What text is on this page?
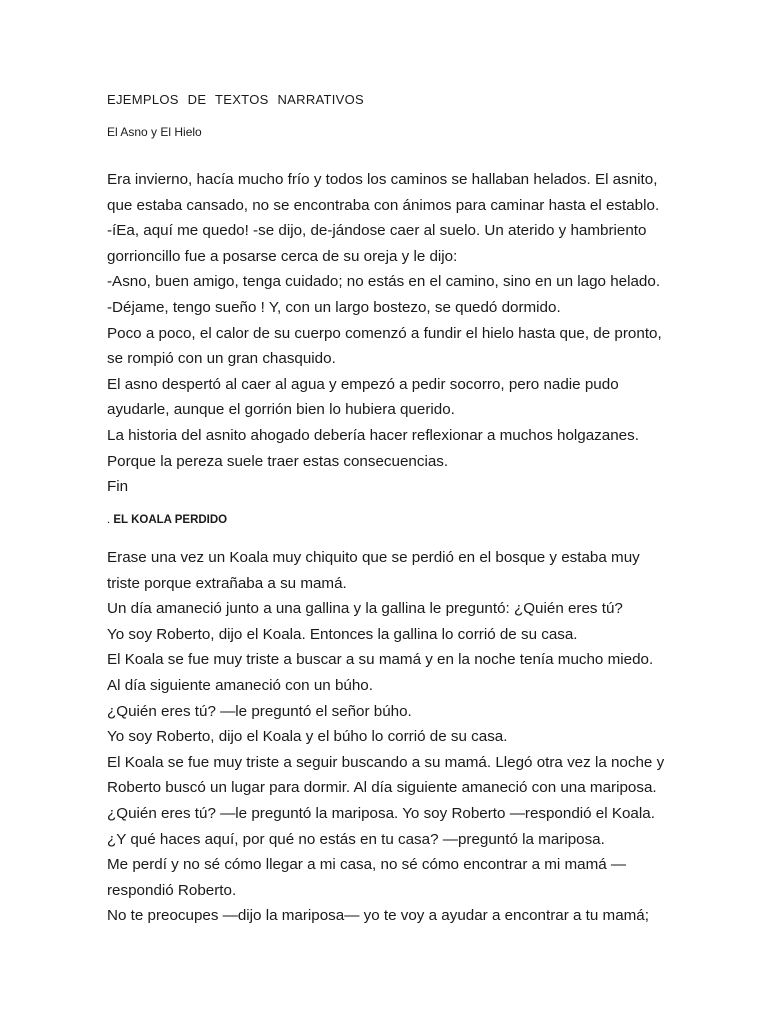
EJEMPLOS DE TEXTOS NARRATIVOS
El Asno y El Hielo
Era invierno, hacía mucho frío y todos los caminos se hallaban helados. El asnito,
que estaba cansado, no se encontraba con ánimos para caminar hasta el establo.
-íEa, aquí me quedo! -se dijo, de-jándose caer al suelo. Un aterido y hambriento
gorrioncillo fue a posarse cerca de su oreja y le dijo:
-Asno, buen amigo, tenga cuidado; no estás en el camino, sino en un lago helado.
-Déjame, tengo sueño ! Y, con un largo bostezo, se quedó dormido.
Poco a poco, el calor de su cuerpo comenzó a fundir el hielo hasta que, de pronto,
se rompió con un gran chasquido.
El asno despertó al caer al agua y empezó a pedir socorro, pero nadie pudo
ayudarle, aunque el gorrión bien lo hubiera querido.
La historia del asnito ahogado debería hacer reflexionar a muchos holgazanes.
Porque la pereza suele traer estas consecuencias.
Fin
. EL KOALA PERDIDO
Erase una vez un Koala muy chiquito que se perdió en el bosque y estaba muy
triste porque extrañaba a su mamá.
Un día amaneció junto a una gallina y la gallina le preguntó: ¿Quién eres tú?
Yo soy Roberto, dijo el Koala. Entonces la gallina lo corrió de su casa.
El Koala se fue muy triste a buscar a su mamá y en la noche tenía mucho miedo.
Al día siguiente amaneció con un búho.
¿Quién eres tú? —le preguntó el señor búho.
Yo soy Roberto, dijo el Koala y el búho lo corrió de su casa.
El Koala se fue muy triste a seguir buscando a su mamá. Llegó otra vez la noche y
Roberto buscó un lugar para dormir. Al día siguiente amaneció con una mariposa.
¿Quién eres tú? —le preguntó la mariposa. Yo soy Roberto —respondió el Koala.
¿Y qué haces aquí, por qué no estás en tu casa? —preguntó la mariposa.
Me perdí y no sé cómo llegar a mi casa, no sé cómo encontrar a mi mamá —
respondió Roberto.
No te preocupes —dijo la mariposa— yo te voy a ayudar a encontrar a tu mamá;
